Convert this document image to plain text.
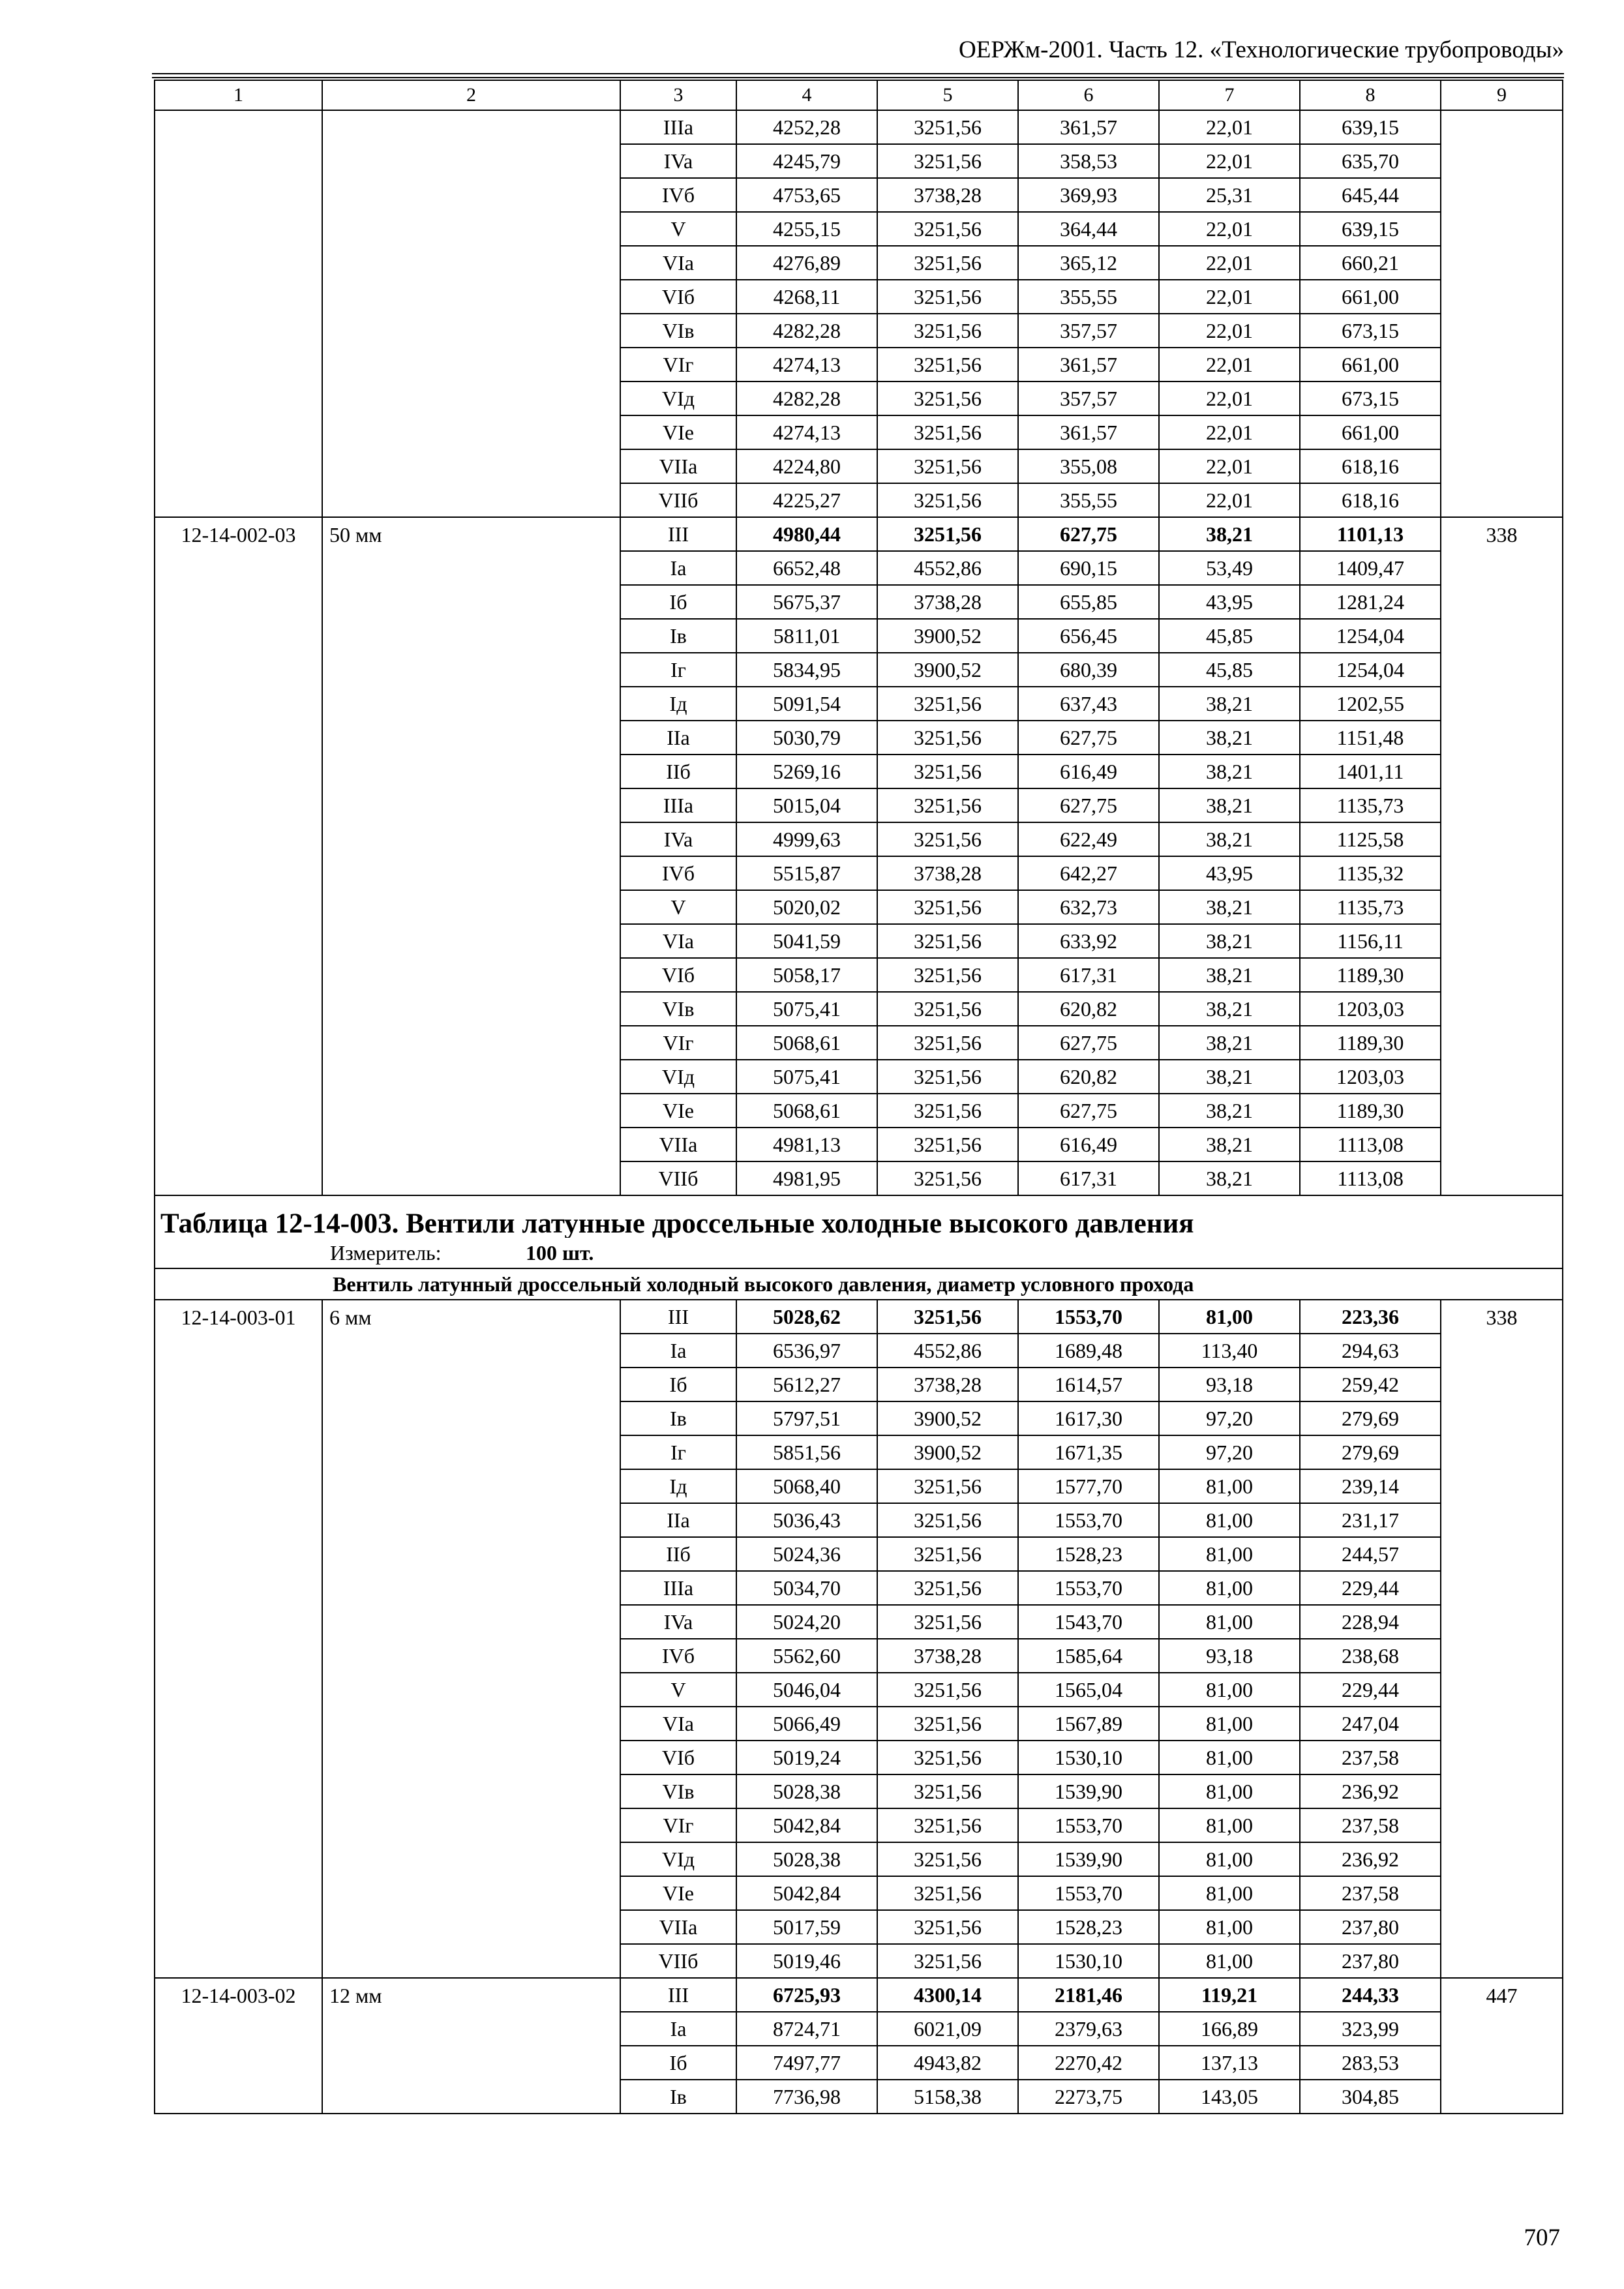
ОЕРЖм-2001. Часть 12. «Технологические трубопроводы»
1	2	3	4	5	6	7	8	9
		IIIa	4252,28	3251,56	361,57	22,01	639,15	
		IVa	4245,79	3251,56	358,53	22,01	635,70	
		IVб	4753,65	3738,28	369,93	25,31	645,44	
		V	4255,15	3251,56	364,44	22,01	639,15	
		VIa	4276,89	3251,56	365,12	22,01	660,21	
		VIб	4268,11	3251,56	355,55	22,01	661,00	
		VIв	4282,28	3251,56	357,57	22,01	673,15	
		VIг	4274,13	3251,56	361,57	22,01	661,00	
		VIд	4282,28	3251,56	357,57	22,01	673,15	
		VIe	4274,13	3251,56	361,57	22,01	661,00	
		VIIa	4224,80	3251,56	355,08	22,01	618,16	
		VIIб	4225,27	3251,56	355,55	22,01	618,16	
12-14-002-03	50 мм	III	4980,44	3251,56	627,75	38,21	1101,13	338
		Ia	6652,48	4552,86	690,15	53,49	1409,47	
		Iб	5675,37	3738,28	655,85	43,95	1281,24	
		Iв	5811,01	3900,52	656,45	45,85	1254,04	
		Iг	5834,95	3900,52	680,39	45,85	1254,04	
		Iд	5091,54	3251,56	637,43	38,21	1202,55	
		IIa	5030,79	3251,56	627,75	38,21	1151,48	
		IIб	5269,16	3251,56	616,49	38,21	1401,11	
		IIIa	5015,04	3251,56	627,75	38,21	1135,73	
		IVa	4999,63	3251,56	622,49	38,21	1125,58	
		IVб	5515,87	3738,28	642,27	43,95	1135,32	
		V	5020,02	3251,56	632,73	38,21	1135,73	
		VIa	5041,59	3251,56	633,92	38,21	1156,11	
		VIб	5058,17	3251,56	617,31	38,21	1189,30	
		VIв	5075,41	3251,56	620,82	38,21	1203,03	
		VIг	5068,61	3251,56	627,75	38,21	1189,30	
		VIд	5075,41	3251,56	620,82	38,21	1203,03	
		VIe	5068,61	3251,56	627,75	38,21	1189,30	
		VIIa	4981,13	3251,56	616,49	38,21	1113,08	
		VIIб	4981,95	3251,56	617,31	38,21	1113,08	
Таблица 12-14-003. Вентили латунные дроссельные холодные высокого давления								
Измеритель: 100 шт.								
Вентиль латунный дроссельный холодный высокого давления, диаметр условного прохода								
12-14-003-01	6 мм	III	5028,62	3251,56	1553,70	81,00	223,36	338
		Ia	6536,97	4552,86	1689,48	113,40	294,63	
		Iб	5612,27	3738,28	1614,57	93,18	259,42	
		Iв	5797,51	3900,52	1617,30	97,20	279,69	
		Iг	5851,56	3900,52	1671,35	97,20	279,69	
		Iд	5068,40	3251,56	1577,70	81,00	239,14	
		IIa	5036,43	3251,56	1553,70	81,00	231,17	
		IIб	5024,36	3251,56	1528,23	81,00	244,57	
		IIIa	5034,70	3251,56	1553,70	81,00	229,44	
		IVa	5024,20	3251,56	1543,70	81,00	228,94	
		IVб	5562,60	3738,28	1585,64	93,18	238,68	
		V	5046,04	3251,56	1565,04	81,00	229,44	
		VIa	5066,49	3251,56	1567,89	81,00	247,04	
		VIб	5019,24	3251,56	1530,10	81,00	237,58	
		VIв	5028,38	3251,56	1539,90	81,00	236,92	
		VIг	5042,84	3251,56	1553,70	81,00	237,58	
		VIд	5028,38	3251,56	1539,90	81,00	236,92	
		VIe	5042,84	3251,56	1553,70	81,00	237,58	
		VIIa	5017,59	3251,56	1528,23	81,00	237,80	
		VIIб	5019,46	3251,56	1530,10	81,00	237,80	
12-14-003-02	12 мм	III	6725,93	4300,14	2181,46	119,21	244,33	447
		Ia	8724,71	6021,09	2379,63	166,89	323,99	
		Iб	7497,77	4943,82	2270,42	137,13	283,53	
		Iв	7736,98	5158,38	2273,75	143,05	304,85	
707
